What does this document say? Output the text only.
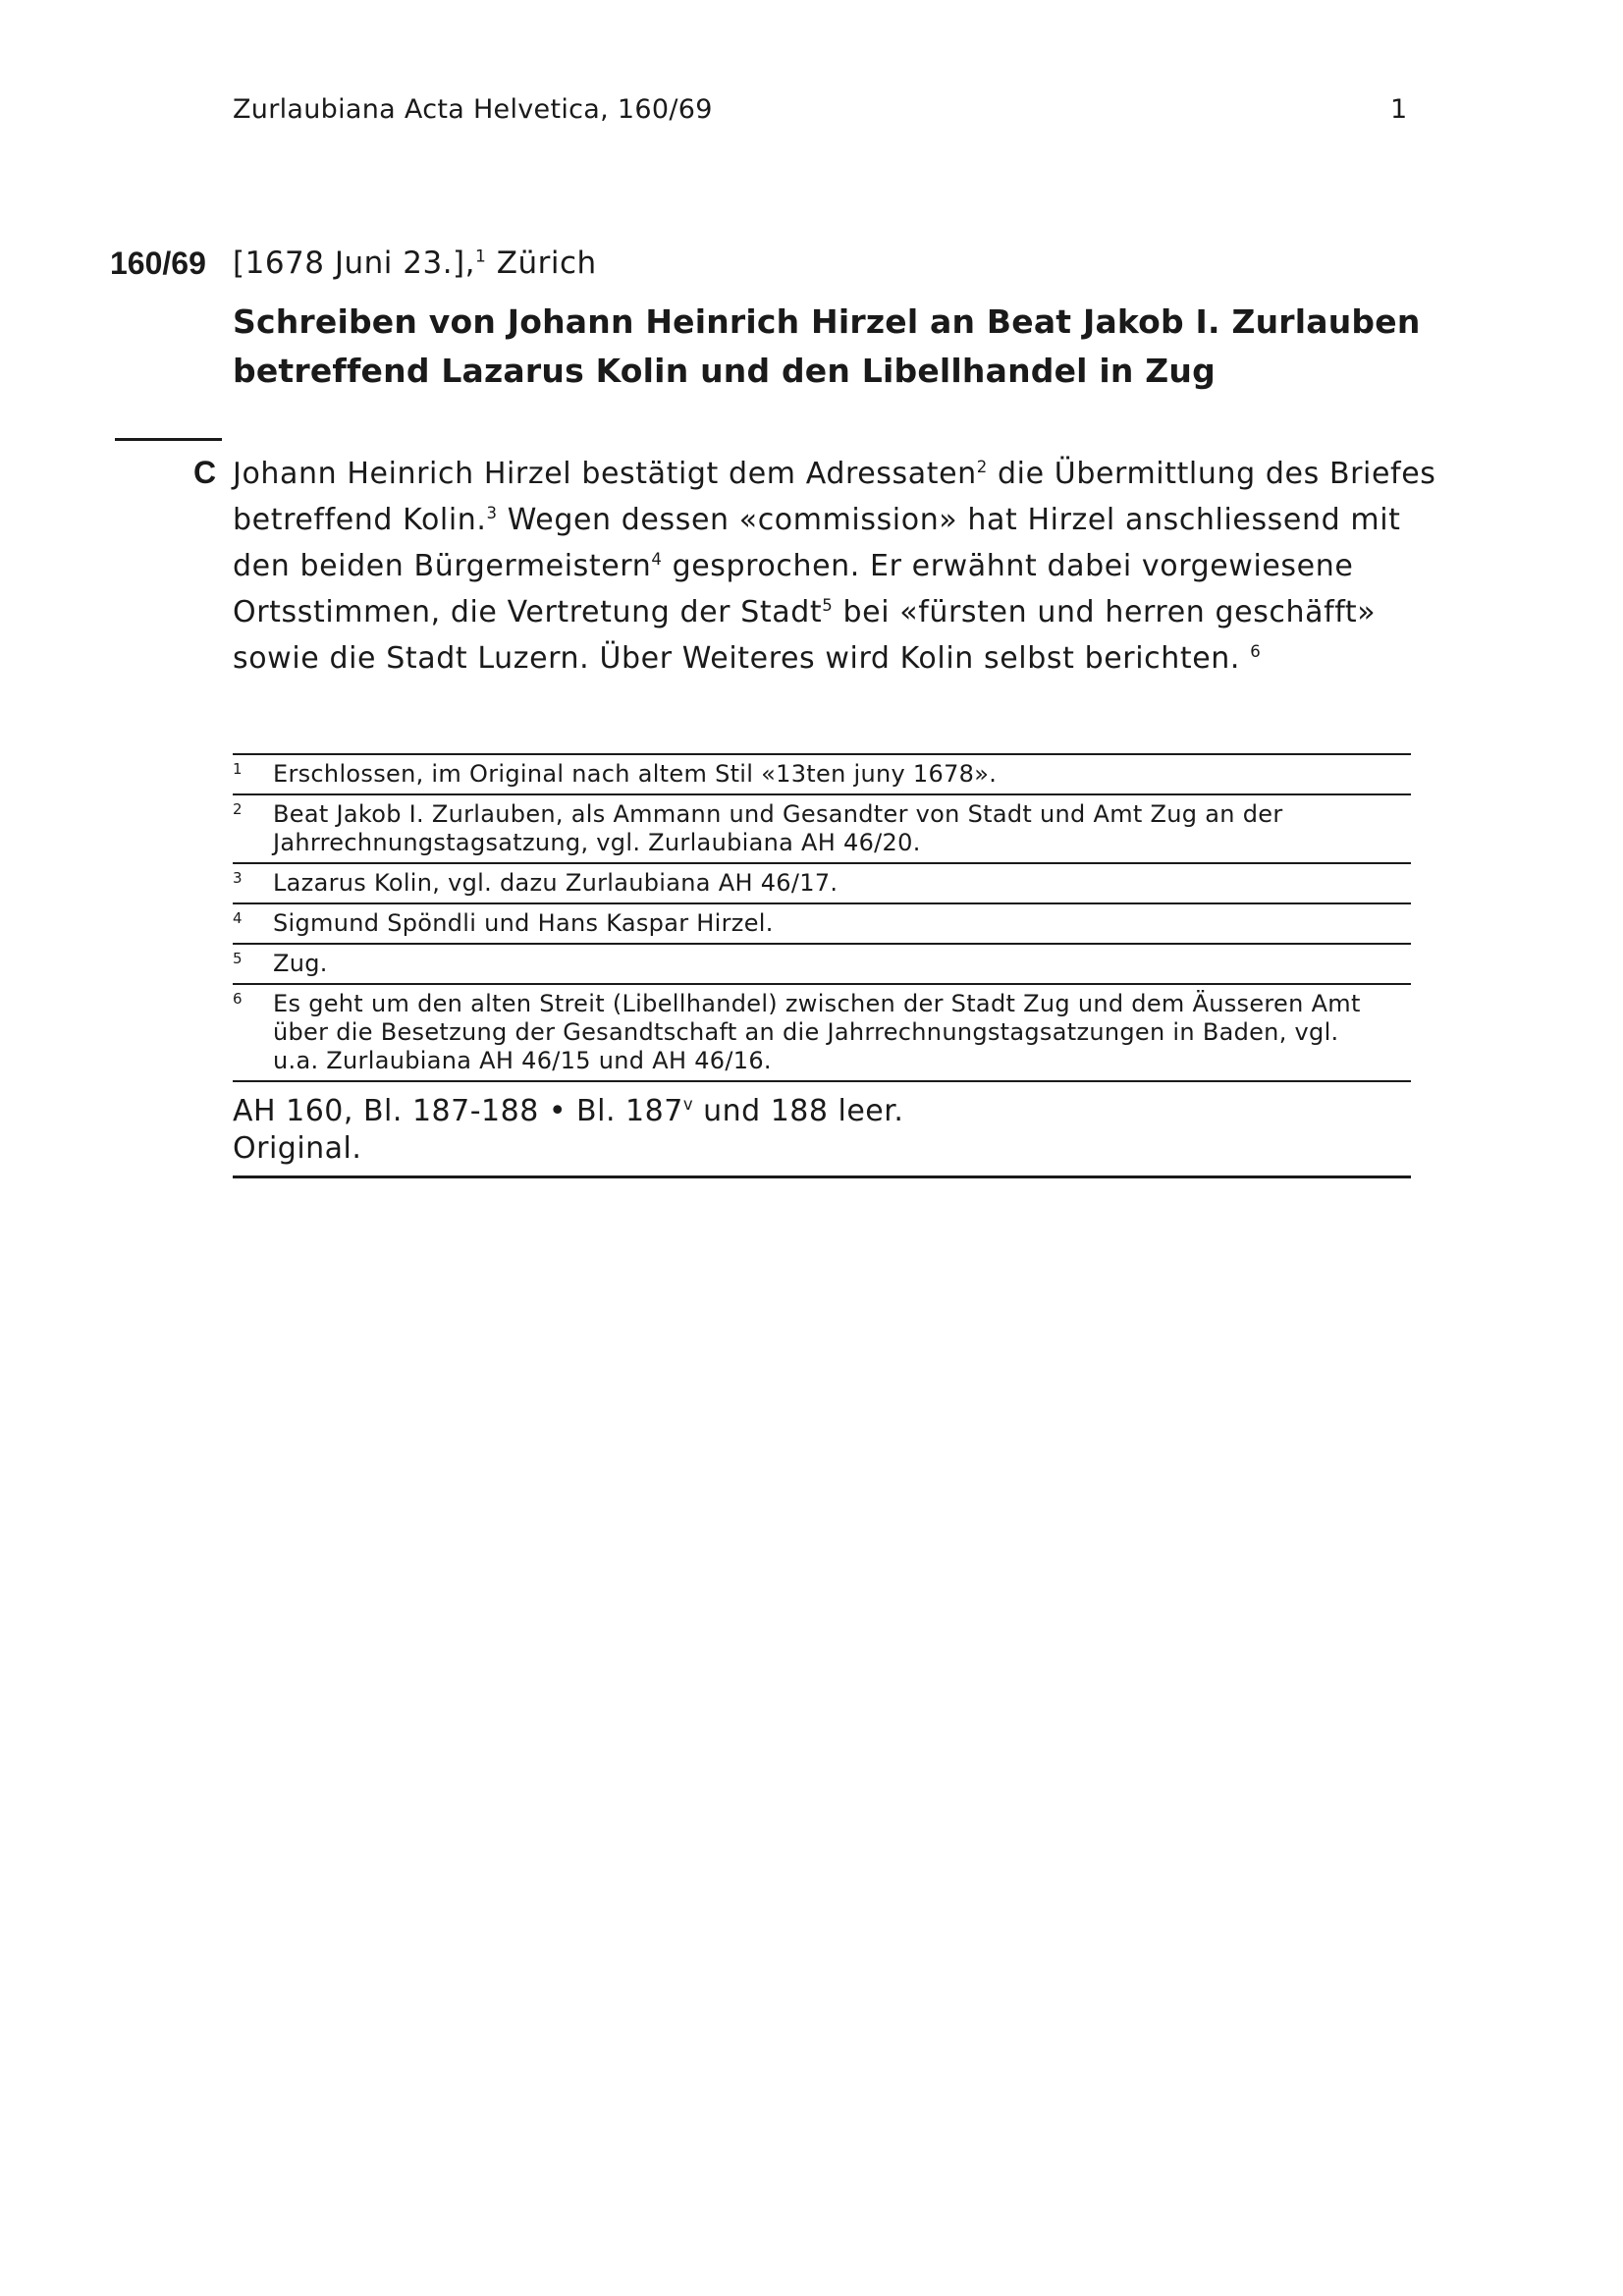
Zurlaubiana Acta Helvetica, 160/69	1
160/69 [1678 Juni 23.],$^1$ Zürich
Schreiben von Johann Heinrich Hirzel an Beat Jakob I. Zurlauben
betreffend Lazarus Kolin und den Libellhandel in Zug
C Johann Heinrich Hirzel bestätigt dem Adressaten$^2$ die Übermittlung des Briefes
betreffend Kolin.$^3$ Wegen dessen «commission» hat Hirzel anschliessend mit
den beiden Bürgermeistern$^4$ gesprochen. Er erwähnt dabei vorgewiesene
Ortsstimmen, die Vertretung der Stadt$^5$ bei «fürsten und herren geschäfft»
sowie die Stadt Luzern. Über Weiteres wird Kolin selbst berichten. $^6$

1	Erschlossen, im Original nach altem Stil «13ten juny 1678».
2	Beat Jakob I. Zurlauben, als Ammann und Gesandter von Stadt und Amt Zug an der
Jahrrechnungstagsatzung, vgl. Zurlaubiana AH 46/20.
3	Lazarus Kolin, vgl. dazu Zurlaubiana AH 46/17.
4	Sigmund Spöndli und Hans Kaspar Hirzel.
5	Zug.
6	Es geht um den alten Streit (Libellhandel) zwischen der Stadt Zug und dem Äusseren Amt
über die Besetzung der Gesandtschaft an die Jahrrechnungstagsatzungen in Baden, vgl.
u.a. Zurlaubiana AH 46/15 und AH 46/16.
AH 160, Bl. 187-188 • Bl. 187$^v$ und 188 leer.
Original.
